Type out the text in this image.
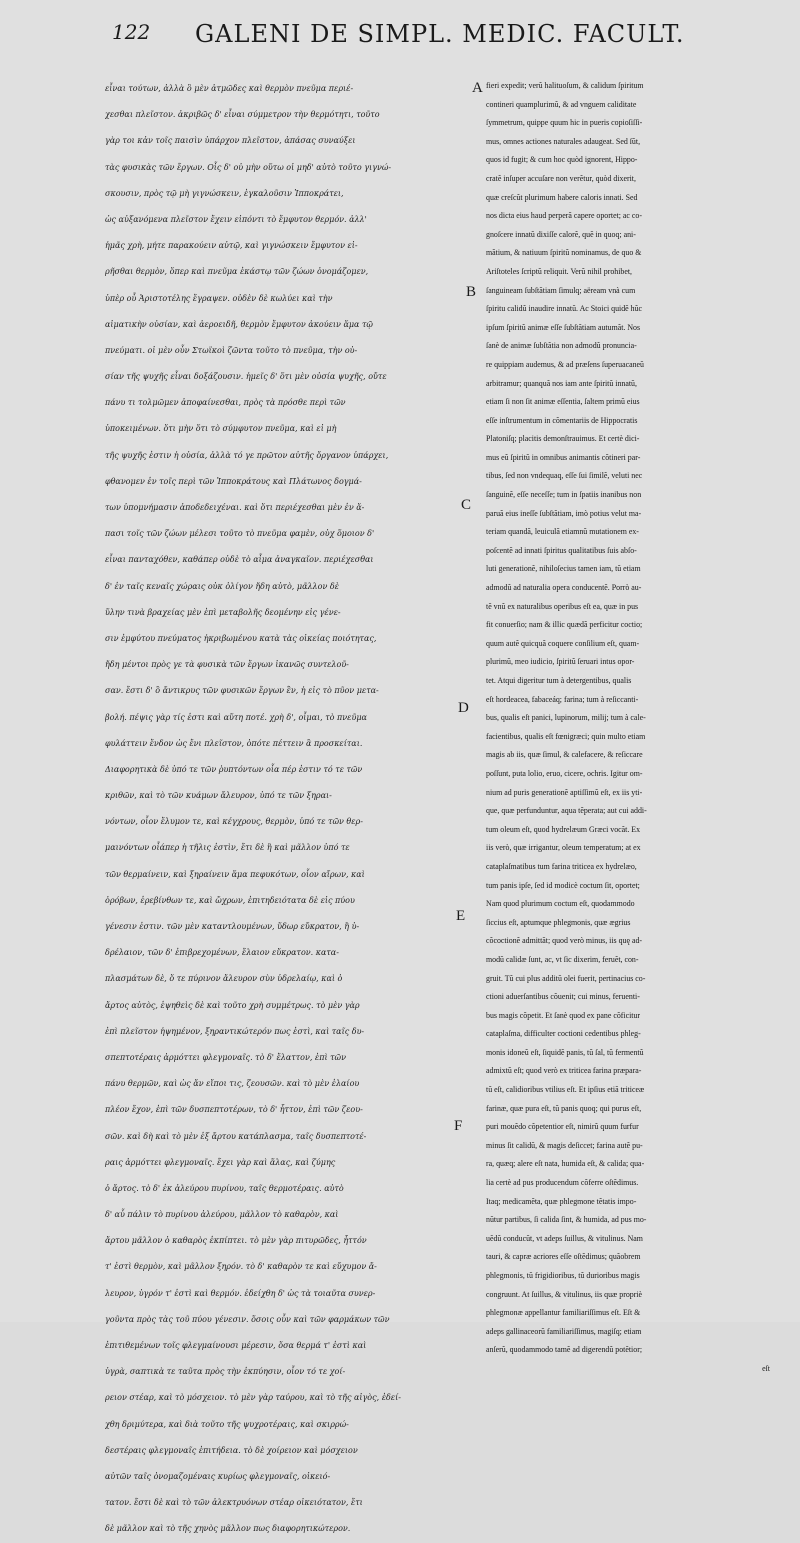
122 GALENI DE SIMPL. MEDIC. FACULT.
εἶναι τούτων, ἀλλὰ ὃ μὲν ἀτμῶδες καὶ θερμὸν πνεῦμα περιέ-
χεσθαι πλεῖστον. ἀκριβῶς δ' εἶναι σύμμετρον τὴν θερμότητι, τοῦτο
γὰρ τοι κἀν τοῖς παισὶν ὑπάρχον πλεῖστον, ἁπάσας συναύξει
τὰς φυσικὰς τῶν ἔργων. Οἷς δ' οὐ μὴν οὕτω οἱ μηδ' αὐτὸ τοῦτο γιγνώ-
σκουσιν, πρὸς τῷ μὴ γιγνώσκειν, ἐγκαλοῦσιν Ἱπποκράτει,
ὡς αὐξανόμενα πλεῖστον ἔχειν εἰπόντι τὸ ἔμφυτον θερμόν. ἀλλ'
ἡμᾶς χρὴ, μήτε παρακούειν αὐτῷ, καὶ γιγνώσκειν ἔμφυτον εἰ-
ρῆσθαι θερμὸν, ὅπερ καὶ πνεῦμα ἐκάστῳ τῶν ζώων ὀνομάζομεν,
ὑπὲρ οὗ Ἀριστοτέλης ἔγραψεν. οὐδὲν δὲ κωλύει καὶ τὴν
αἱματικὴν οὐσίαν, καὶ ἀεροειδῆ, θερμὸν ἔμφυτον ἀκούειν ἅμα τῷ
πνεύματι. οἱ μὲν οὖν Στωϊκοὶ ζῶντα τοῦτο τὸ πνεῦμα, τὴν οὐ-
σίαν τῆς ψυχῆς εἶναι δοξάζουσιν. ἡμεῖς δ' ὅτι μὲν οὐσία ψυχῆς, οὔτε
πάνυ τι τολμῶμεν ἀποφαίνεσθαι, πρὸς τὰ πρόσθε περὶ τῶν
ὑποκειμένων. ὅτι μὴν ὅτι τὸ σύμφυτον πνεῦμα, καὶ εἰ μὴ
τῆς ψυχῆς ἐστιν ἡ οὐσία, ἀλλὰ τό γε πρῶτον αὐτῆς ὄργανον ὑπάρχει,
φθανομεν ἐν τοῖς περὶ τῶν Ἱπποκράτους καὶ Πλάτωνος δογμά-
των ὑπομνήμασιν ἀποδεδειχέναι. καὶ ὅτι περιέχεσθαι μὲν ἐν ἅ-
πασι τοῖς τῶν ζώων μέλεσι τοῦτο τὸ πνεῦμα φαμὲν, οὐχ ὅμοιον δ'
εἶναι πανταχόθεν, καθάπερ οὐδὲ τὸ αἷμα ἀναγκαῖον. περιέχεσθαι
δ' ἐν ταῖς κεναῖς χώραις οὐκ ὀλίγον ἤδη αὐτὸ, μᾶλλον δὲ
ὕλην τινὰ βραχείας μὲν ἐπὶ μεταβολῆς δεομένην εἰς γένε-
σιν ἐμφύτου πνεύματος ἠκριβωμένου κατὰ τὰς οἰκείας ποιότητας,
ἤδη μέντοι πρὸς γε τὰ φυσικὰ τῶν ἔργων ἱκανῶς συντελοῦ-
σαν. ἔστι δ' ὃ ἄντικρυς τῶν φυσικῶν ἔργων ἓν, ἡ εἰς τὸ πῦον μετα-
βολή. πέψις γὰρ τίς ἐστι καὶ αὕτη ποτέ. χρὴ δ', οἶμαι, τὸ πνεῦμα
φυλάττειν ἔνδον ὡς ἔνι πλεῖστον, ὁπότε πέττειν ἃ προσκείται.
Διαφορητικὰ δὲ ὑπό τε τῶν ῥυπτόντων οἷα πέρ ἐστιν τό τε τῶν
κριθῶν, καὶ τὸ τῶν κυάμων ἄλευρον, ὑπό τε τῶν ξηραι-
νόντων, οἷον ἔλυμον τε, καὶ κέγχρους, θερμὸν, ὑπό τε τῶν θερ-
μαινόντων οἷάπερ ἡ τῆλις ἐστὶν, ἔτι δὲ ἢ καὶ μᾶλλον ὑπό τε
τῶν θερμαίνειν, καὶ ξηραίνειν ἅμα πεφυκότων, οἷον αἴρων, καὶ
ὀρόβων, ἐρεβίνθων τε, καὶ ὤχρων, ἐπιτηδειότατα δὲ εἰς πύου
γένεσιν ἐστιν. τῶν μὲν καταντλουμένων, ὕδωρ εὔκρατον, ἢ ὑ-
δρέλαιον, τῶν δ' ἐπιβρεχομένων, ἔλαιον εὔκρατον. κατα-
πλασμάτων δὲ, ὅ τε πύρινον ἄλευρον σὺν ὑδρελαίῳ, καὶ ὁ
ἄρτος αὐτὸς, ἑψηθεὶς δὲ καὶ τοῦτο χρὴ συμμέτρως. τὸ μὲν γὰρ
ἐπὶ πλεῖστον ἡψημένον, ξηραντικώτερόν πως ἐστὶ, καὶ ταῖς δυ-
σπεπτοτέραις ἁρμόττει φλεγμοναῖς. τὸ δ' ἔλαττον, ἐπὶ τῶν
πάνυ θερμῶν, καὶ ὡς ἄν εἴποι τις, ζεουσῶν. καὶ τὸ μὲν ἐλαίου
πλέον ἔχον, ἐπὶ τῶν δυσπεπτοτέρων, τὸ δ' ἧττον, ἐπὶ τῶν ζεου-
σῶν. καὶ δὴ καὶ τὸ μὲν ἐξ ἄρτου κατάπλασμα, ταῖς δυσπεπτοτέ-
ραις ἁρμόττει φλεγμοναῖς. ἔχει γὰρ καὶ ἅλας, καὶ ζύμης
ὁ ἄρτος. τὸ δ' ἐκ ἀλεύρου πυρίνου, ταῖς θερμοτέραις. αὐτὸ
δ' αὖ πάλιν τὸ πυρίνου ἀλεύρου, μᾶλλον τὸ καθαρὸν, καὶ
ἄρτου μᾶλλον ὁ καθαρὸς ἐκπίπτει. τὸ μὲν γὰρ πιτυρῶδες, ἧττόν
τ' ἐστὶ θερμὸν, καὶ μᾶλλον ξηρόν. τὸ δ' καθαρὸν τε καὶ εὔχυμον ἄ-
λευρον, ὑγρόν τ' ἐστὶ καὶ θερμόν. ἐδείχθη δ' ὡς τὰ τοιαῦτα συνερ-
γοῦντα πρὸς τὰς τοῦ πύου γένεσιν. ὅσοις οὖν καὶ τῶν φαρμάκων τῶν
ἐπιτιθεμένων τοῖς φλεγμαίνουσι μέρεσιν, ὅσα θερμά τ' ἐστὶ καὶ
ὑγρὰ, σαπτικὰ τε ταῦτα πρὸς τὴν ἐκπύησιν, οἷον τό τε χοί-
ρειον στέαρ, καὶ τὸ μόσχειον. τὸ μὲν γὰρ ταύρου, καὶ τὸ τῆς αἰγὸς, ἐδεί-
χθη δριμύτερα, καὶ διὰ τοῦτο τῆς ψυχροτέραις, καὶ σκιρρώ-
δεστέραις φλεγμοναῖς ἐπιτήδεια. τὸ δὲ χοίρειον καὶ μόσχειον
αὐτῶν ταῖς ὀνομαζομέναις κυρίως φλεγμοναῖς, οἰκειό-
τατον. ἔστι δὲ καὶ τὸ τῶν ἀλεκτρυόνων στέαρ οἰκειότατον, ἔτι
δὲ μᾶλλον καὶ τὸ τῆς χηνὸς μᾶλλον πως διαφορητικώτερον.
fieri expedit; verũ halituoſum, & calidum ſpiritum
contineri quamplurimũ, & ad vnguem caliditate
ſymmetrum, quippe quum hic in pueris copioſiſſi-
mus, omnes actiones naturales adaugeat. Sed ſũt,
quos id fugit; & cum hoc quòd ignorent, Hippo-
cratẽ inſuper accuſare non verẽtur, quòd dixerit,
quæ creſcũt plurimum habere caloris innati. Sed
nos dicta eius haud perperã capere oportet; ac co-
gnoſcere innatũ dixiſſe calorẽ, quẽ in quoq; ani-
mãtium, & natiuum ſpiritũ nominamus, de quo &
Ariſtoteles ſcriptũ reliquit. Verũ nihil prohibet,
ſanguineam ſubſtãtiam ſimulq; aëream vnà cum
ſpiritu calidũ inaudire innatũ. Ac Stoici quidẽ hũc
ipſum ſpiritũ animæ eſſe ſubſtãtiam autumãt. Nos
ſanè de animæ ſubſtãtia non admodũ pronuncia-
re quippiam audemus, & ad præſens ſuperuacaneũ
arbitramur; quanquã nos iam ante ſpiritũ innatũ,
etiam ſi non ſit animæ eſſentia, ſaltem primũ eius
eſſe inſtrumentum in cõmentariis de Hippocratis
Platoniſq; placitis demonſtrauimus. Et certè dici-
mus eũ ſpiritũ in omnibus animantis cõtineri par-
tibus, ſed non vndequaq, eſſe ſui ſimilẽ, veluti nec
ſanguinẽ, eſſe neceſſe; tum in ſpatiis inanibus non
paruã eius ineſſe ſubſtãtiam, imò potius velut ma-
teriam quandã, leuiculã etiamnũ mutationem ex-
poſcentẽ ad innati ſpiritus qualitatibus ſuis abſo-
luti generationẽ, nihiloſecius tamen iam, tũ etiam
admodũ ad naturalia opera conducentẽ. Porrò au-
tẽ vnũ ex naturalibus operibus eſt ea, quæ in pus
fit conuerſio; nam & illic quædã perficitur coctio;
quum autẽ quicquã coquere conſilium eſt, quam-
plurimũ, meo iudicio, ſpiritũ ſeruari intus opor-
tet. Atqui digeritur tum à detergentibus, qualis
eſt hordeacea, fabaceáq; farina; tum à reſiccanti-
bus, qualis eſt panici, lupinorum, milij; tum à cale-
facientibus, qualis eſt fœnigræci; quin multo etiam
magis ab iis, quæ ſimul, & calefacere, & reſiccare
poſſunt, puta lolio, eruo, cicere, ochris. Igitur om-
nium ad puris generationẽ aptiſſimũ eſt, ex iis yti-
que, quæ perfunduntur, aqua tẽperata; aut cui addi-
tum oleum eſt, quod hydrelæum Græci vocãt. Ex
iis verò, quæ irrigantur, oleum temperatum; at ex
cataplaſmatibus tum farina triticea ex hydrelæo,
tum panis ipſe, ſed id modicè coctum ſit, oportet;
Nam quod plurimum coctum eſt, quodammodo
ſiccius eſt, aptumque phlegmonis, quæ ægrius
cõcoctionẽ admittãt; quod verò minus, iis quę ad-
modũ calidæ ſunt, ac, vt ſic dixerim, feruẽt, con-
gruit. Tũ cui plus additũ olei fuerit, pertinacius co-
ctioni aduerſantibus cõuenit; cui minus, feruenti-
bus magis cõpetit. Et ſanè quod ex pane cõficitur
cataplaſma, difficulter coctioni cedentibus phleg-
monis idoneũ eſt, ſiquidẽ panis, tũ ſal, tũ fermentũ
admixtũ eſt; quod verò ex triticea farina præpara-
tũ eſt, calidioribus vtilius eſt. Et ipſius etiã triticeæ
farinæ, quæ pura eſt, tũ panis quoq; qui purus eſt,
puri mouẽdo cõpetentior eſt, nimirũ quum furfur
minus ſit calidũ, & magis deſiccet; farina autẽ pu-
ra, quæq; alere eſt nata, humida eſt, & calida; qua-
lia certè ad pus producendum cõferre oſtẽdimus.
Itaq; medicamẽta, quæ phlegmone tẽtatis impo-
nũtur partibus, ſi calida ſint, & humida, ad pus mo-
uẽdũ conducũt, vt adeps ſuillus, & vitulinus. Nam
tauri, & capræ acriores eſſe oſtẽdimus; quãobrem
phlegmonis, tũ frigidioribus, tũ durioribus magis
congruunt. At ſuillus, & vitulinus, iis quæ propriè
phlegmonæ appellantur familiariſſimus eſt. Eſt &
adeps gallinaceorũ familiariſſimus, magiſq; etiam
anſerũ, quodammodo tamẽ ad digerendũ potẽtior;
eſt
A
B
C
D
E
F
